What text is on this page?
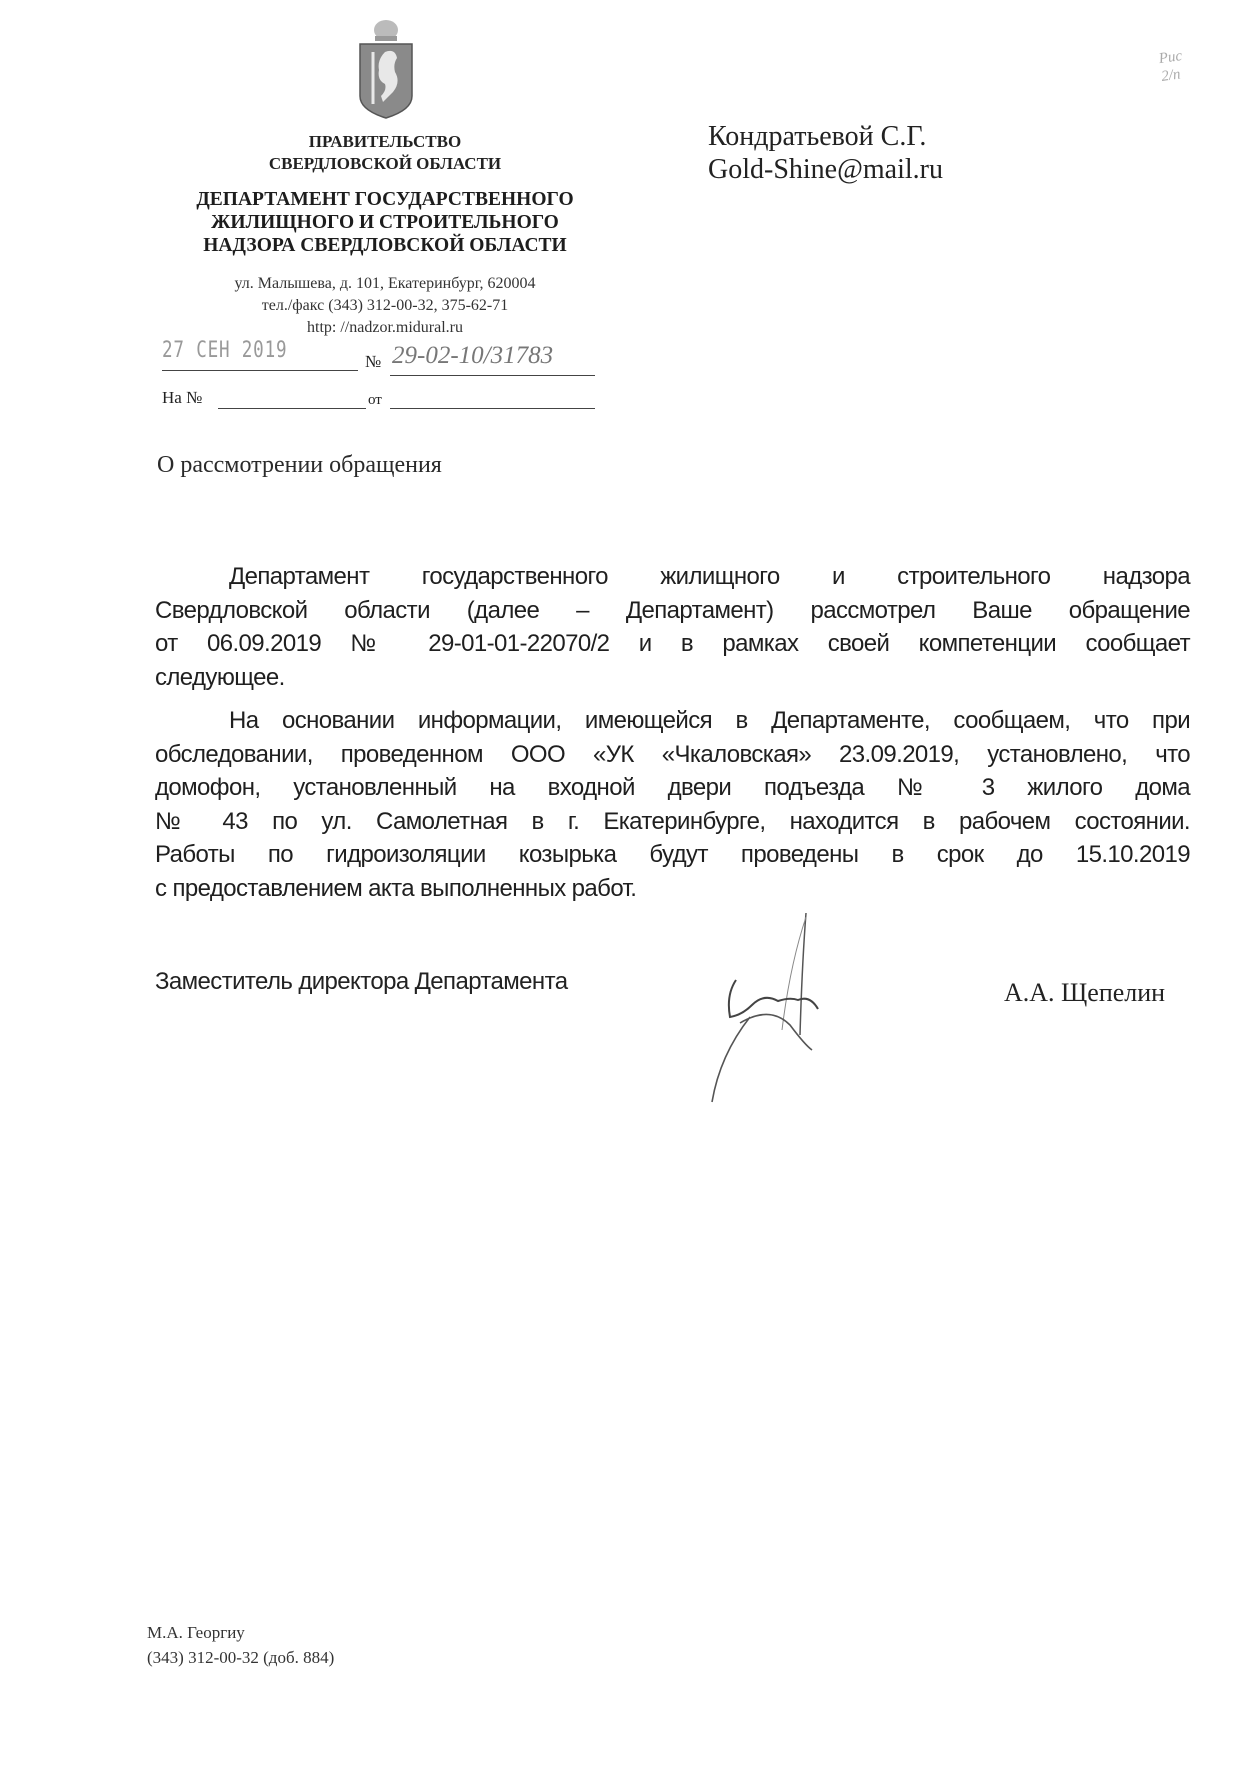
ПРАВИТЕЛЬСТВО
СВЕРДЛОВСКОЙ ОБЛАСТИ
ДЕПАРТАМЕНТ ГОСУДАРСТВЕННОГО
ЖИЛИЩНОГО И СТРОИТЕЛЬНОГО
НАДЗОРА СВЕРДЛОВСКОЙ ОБЛАСТИ
ул. Малышева, д. 101, Екатеринбург, 620004
тел./факс (343) 312-00-32, 375-62-71
http: //nadzor.midural.ru
27 СЕН 2019	№ 29-02-10/31783
На №	от
Кондратьевой С.Г.
Gold-Shine@mail.ru
Рис 2/п
О рассмотрении обращения
Департамент государственного жилищного и строительного надзора
Свердловской области (далее – Департамент) рассмотрел Ваше обращение
от 06.09.2019 № 29-01-01-22070/2 и в рамках своей компетенции сообщает
следующее.
На основании информации, имеющейся в Департаменте, сообщаем, что при
обследовании, проведенном ООО «УК «Чкаловская» 23.09.2019, установлено, что
домофон, установленный на входной двери подъезда № 3 жилого дома
№ 43 по ул. Самолетная в г. Екатеринбурге, находится в рабочем состоянии.
Работы по гидроизоляции козырька будут проведены в срок до 15.10.2019
с предоставлением акта выполненных работ.
Заместитель директора Департамента	А.А. Щепелин
М.А. Георгиу
(343) 312-00-32 (доб. 884)
